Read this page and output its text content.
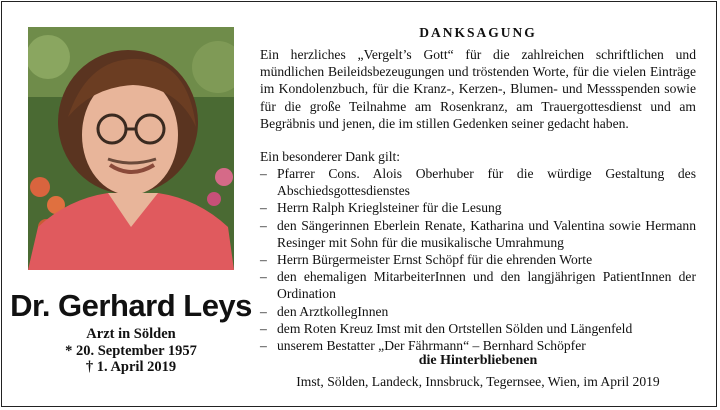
Dr. Gerhard Leys
Arzt in Sölden
* 20. September 1957
† 1. April 2019
DANKSAGUNG
Ein herzliches „Vergelt’s Gott“ für die zahlreichen schriftlichen und mündlichen Beileidsbezeugungen und tröstenden Worte, für die vielen Einträge im Kondolenzbuch, für die Kranz-, Kerzen-, Blumen- und Messspenden sowie für die große Teilnahme am Rosenkranz, am Trauergottesdienst und am Begräbnis und jenen, die im stillen Gedenken seiner gedacht haben.
Ein besonderer Dank gilt:
– Pfarrer Cons. Alois Oberhuber für die würdige Gestaltung des Abschiedsgottesdienstes
– Herrn Ralph Krieglsteiner für die Lesung
– den Sängerinnen Eberlein Renate, Katharina und Valentina sowie Hermann Resinger mit Sohn für die musikalische Umrahmung
– Herrn Bürgermeister Ernst Schöpf für die ehrenden Worte
– den ehemaligen MitarbeiterInnen und den langjährigen PatientInnen der Ordination
– den ArztkollegInnen
– dem Roten Kreuz Imst mit den Ortstellen Sölden und Längenfeld
– unserem Bestatter „Der Fährmann“ – Bernhard Schöpfer
die Hinterbliebenen
Imst, Sölden, Landeck, Innsbruck, Tegernsee, Wien, im April 2019
